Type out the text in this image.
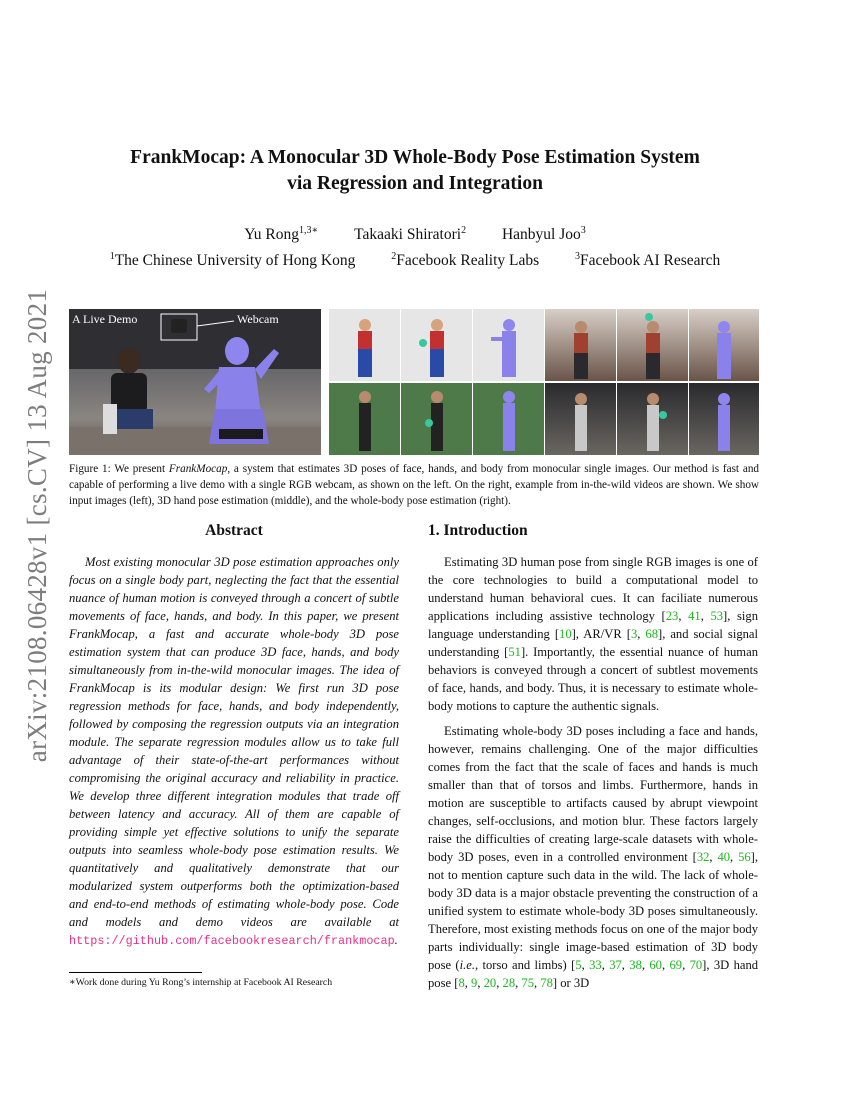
arXiv:2108.06428v1 [cs.CV] 13 Aug 2021
FrankMocap: A Monocular 3D Whole-Body Pose Estimation System
via Regression and Integration
Yu Rong$^{1,3∗}$ Takaaki Shiratori$^2$ Hanbyul Joo$^3$
$^1$The Chinese University of Hong Kong	$^2$Facebook Reality Labs	$^3$Facebook AI Research
A Live Demo	Webcam
Figure 1: We present FrankMocap, a system that estimates 3D poses of face, hands, and body from monocular single images. Our method is fast and capable of performing a live demo with a single RGB webcam, as shown on the left. On the right, example from in-the-wild videos are shown. We show input images (left), 3D hand pose estimation (middle), and the whole-body pose estimation (right).
Abstract
Most existing monocular 3D pose estimation approaches only focus on a single body part, neglecting the fact that the essential nuance of human motion is conveyed through a concert of subtle movements of face, hands, and body. In this paper, we present FrankMocap, a fast and accurate whole-body 3D pose estimation system that can produce 3D face, hands, and body simultaneously from in-the-wild monocular images. The idea of FrankMocap is its modular design: We first run 3D pose regression methods for face, hands, and body independently, followed by composing the regression outputs via an integration module. The separate regression modules allow us to take full advantage of their state-of-the-art performances without compromising the original accuracy and reliability in practice. We develop three different integration modules that trade off between latency and accuracy. All of them are capable of providing simple yet effective solutions to unify the separate outputs into seamless whole-body pose estimation results. We quantitatively and qualitatively demonstrate that our modularized system outperforms both the optimization-based and end-to-end methods of estimating whole-body pose. Code and models and demo videos are available at https://github.com/facebookresearch/frankmocap.
1. Introduction

Estimating 3D human pose from single RGB images is one of the core technologies to build a computational model to understand human behavioral cues. It can faciliate numerous applications including assistive technology [23, 41, 53], sign language understanding [10], AR/VR [3, 68], and social signal understanding [51]. Importantly, the essential nuance of human behaviors is conveyed through a concert of subtlest movements of face, hands, and body. Thus, it is necessary to estimate whole-body motions to capture the authentic signals.

Estimating whole-body 3D poses including a face and hands, however, remains challenging. One of the major difficulties comes from the fact that the scale of faces and hands is much smaller than that of torsos and limbs. Furthermore, hands in motion are susceptible to artifacts caused by abrupt viewpoint changes, self-occlusions, and motion blur. These factors largely raise the difficulties of creating large-scale datasets with whole-body 3D poses, even in a controlled environment [32, 40, 56], not to mention capture such data in the wild. The lack of whole-body 3D data is a major obstacle preventing the construction of a unified system to estimate whole-body 3D poses simultaneously. Therefore, most existing methods focus on one of the major body parts individually: single image-based estimation of 3D body pose (i.e., torso and limbs) [5, 33, 37, 38, 60, 69, 70], 3D hand pose [8, 9, 20, 28, 75, 78] or 3D

∗Work done during Yu Rong’s internship at Facebook AI Research
